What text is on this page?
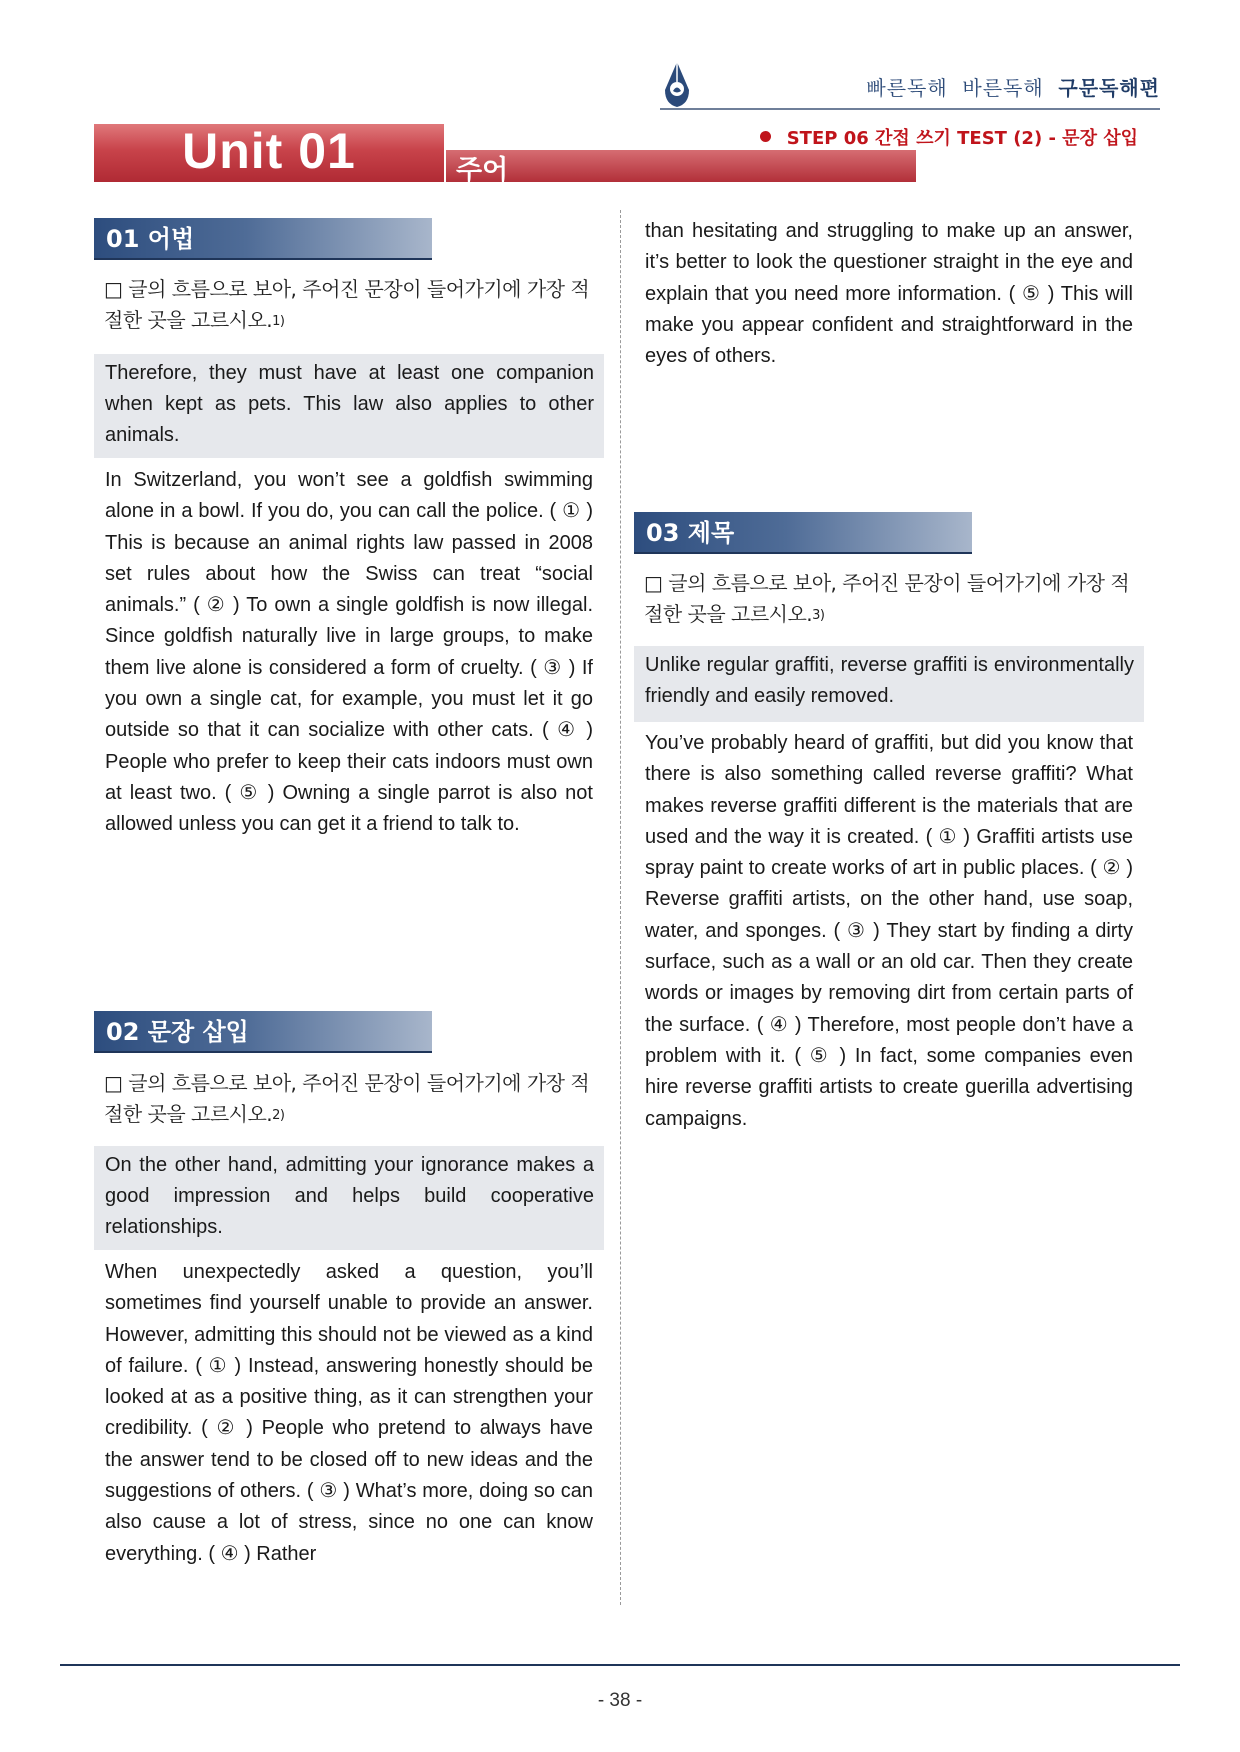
빠른독해 바른독해 구문독해편
STEP 06 간접 쓰기 TEST (2) - 문장 삽입
Unit 01	주어
01 어법
□ 글의 흐름으로 보아, 주어진 문장이 들어가기에 가장 적절한 곳을 고르시오.1)
Therefore, they must have at least one companion when kept as pets. This law also applies to other animals.
In Switzerland, you won’t see a goldfish swimming alone in a bowl. If you do, you can call the police. ( ① ) This is because an animal rights law passed in 2008 set rules about how the Swiss can treat “social animals.” ( ② ) To own a single goldfish is now illegal. Since goldfish naturally live in large groups, to make them live alone is considered a form of cruelty. ( ③ ) If you own a single cat, for example, you must let it go outside so that it can socialize with other cats. ( ④ ) People who prefer to keep their cats indoors must own at least two. ( ⑤ ) Owning a single parrot is also not allowed unless you can get it a friend to talk to.
02 문장 삽입
□ 글의 흐름으로 보아, 주어진 문장이 들어가기에 가장 적절한 곳을 고르시오.2)
On the other hand, admitting your ignorance makes a good impression and helps build cooperative relationships.
When unexpectedly asked a question, you’ll sometimes find yourself unable to provide an answer. However, admitting this should not be viewed as a kind of failure. ( ① ) Instead, answering honestly should be looked at as a positive thing, as it can strengthen your credibility. ( ② ) People who pretend to always have the answer tend to be closed off to new ideas and the suggestions of others. ( ③ ) What’s more, doing so can also cause a lot of stress, since no one can know everything. ( ④ ) Rather
than hesitating and struggling to make up an answer, it’s better to look the questioner straight in the eye and explain that you need more information. ( ⑤ ) This will make you appear confident and straightforward in the eyes of others.
03 제목
□ 글의 흐름으로 보아, 주어진 문장이 들어가기에 가장 적절한 곳을 고르시오.3)
Unlike regular graffiti, reverse graffiti is environmentally friendly and easily removed.
You’ve probably heard of graffiti, but did you know that there is also something called reverse graffiti? What makes reverse graffiti different is the materials that are used and the way it is created. ( ① ) Graffiti artists use spray paint to create works of art in public places. ( ② ) Reverse graffiti artists, on the other hand, use soap, water, and sponges. ( ③ ) They start by finding a dirty surface, such as a wall or an old car. Then they create words or images by removing dirt from certain parts of the surface. ( ④ ) Therefore, most people don’t have a problem with it. ( ⑤ ) In fact, some companies even hire reverse graffiti artists to create guerilla advertising campaigns.
- 38 -
